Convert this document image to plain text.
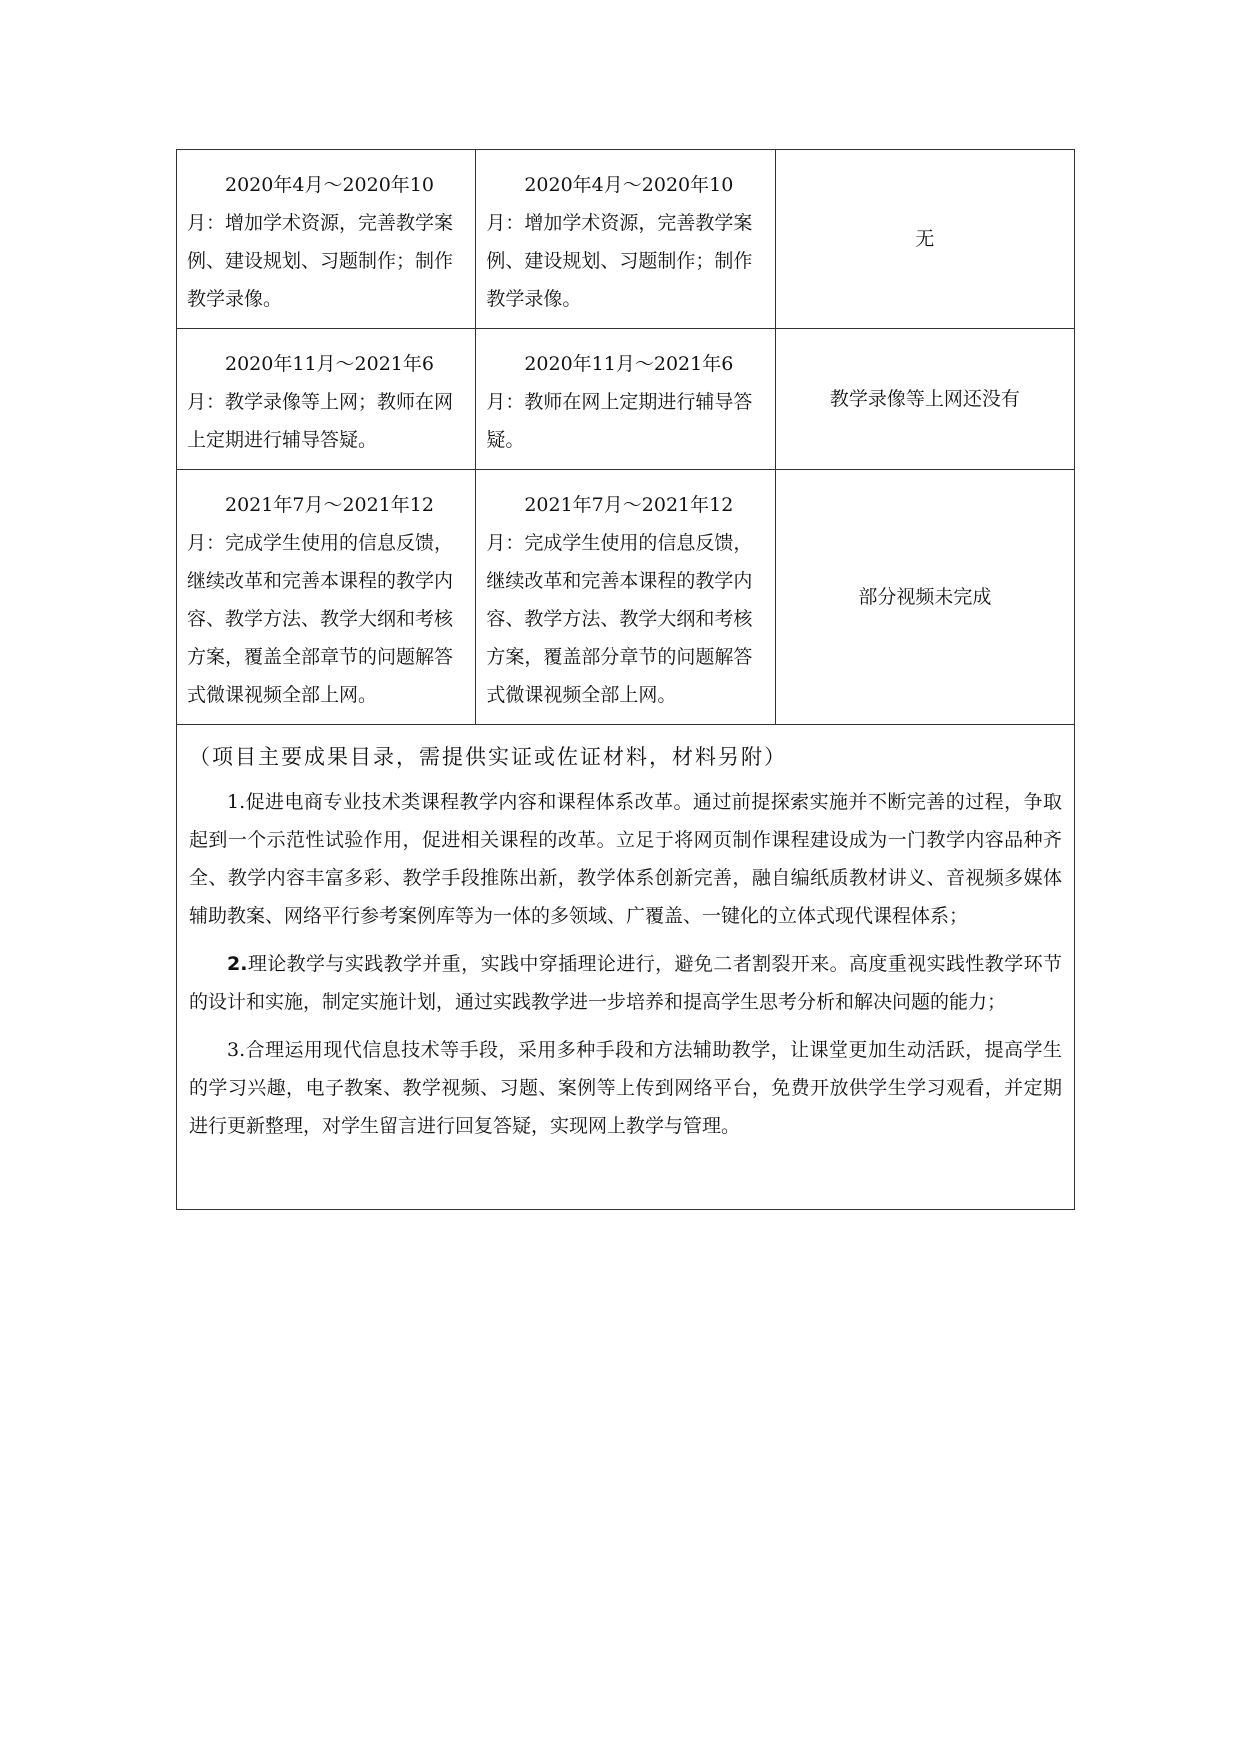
2020年4月～2020年10月：增加学术资源，完善教学案例、建设规划、习题制作；制作教学录像。	2020年4月～2020年10月：增加学术资源，完善教学案例、建设规划、习题制作；制作教学录像。	无

2020年11月～2021年6月：教学录像等上网；教师在网上定期进行辅导答疑。	2020年11月～2021年6月：教师在网上定期进行辅导答疑。	教学录像等上网还没有

2021年7月～2021年12月：完成学生使用的信息反馈，继续改革和完善本课程的教学内容、教学方法、教学大纲和考核方案，覆盖全部章节的问题解答式微课视频全部上网。	2021年7月～2021年12月：完成学生使用的信息反馈，继续改革和完善本课程的教学内容、教学方法、教学大纲和考核方案，覆盖部分章节的问题解答式微课视频全部上网。	部分视频未完成

（项目主要成果目录，需提供实证或佐证材料，材料另附）

1.促进电商专业技术类课程教学内容和课程体系改革。通过前提探索实施并不断完善的过程，争取起到一个示范性试验作用，促进相关课程的改革。立足于将网页制作课程建设成为一门教学内容品种齐全、教学内容丰富多彩、教学手段推陈出新，教学体系创新完善，融自编纸质教材讲义、音视频多媒体辅助教案、网络平行参考案例库等为一体的多领域、广覆盖、一键化的立体式现代课程体系；

2.理论教学与实践教学并重，实践中穿插理论进行，避免二者割裂开来。高度重视实践性教学环节的设计和实施，制定实施计划，通过实践教学进一步培养和提高学生思考分析和解决问题的能力；

3.合理运用现代信息技术等手段，采用多种手段和方法辅助教学，让课堂更加生动活跃，提高学生的学习兴趣，电子教案、教学视频、习题、案例等上传到网络平台，免费开放供学生学习观看，并定期进行更新整理，对学生留言进行回复答疑，实现网上教学与管理。		
